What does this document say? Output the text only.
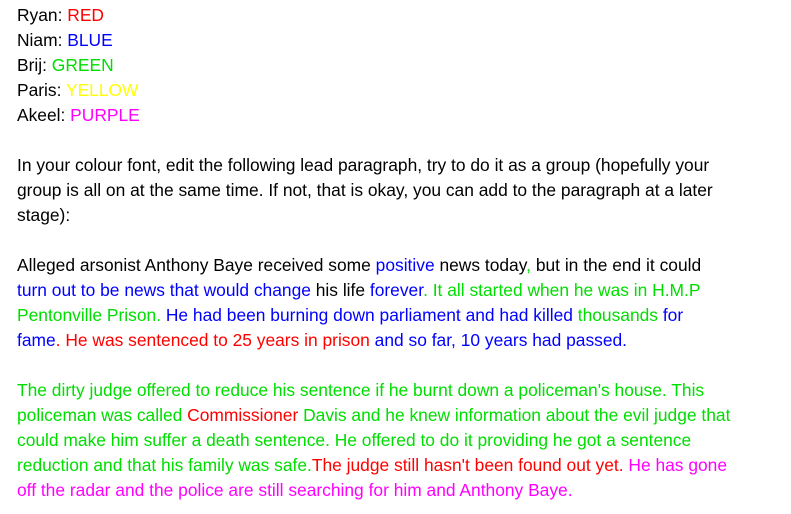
Ryan: RED
Niam: BLUE
Brij: GREEN
Paris: YELLOW
Akeel: PURPLE
In your colour font, edit the following lead paragraph, try to do it as a group (hopefully your
group is all on at the same time. If not, that is okay, you can add to the paragraph at a later
stage):
Alleged arsonist Anthony Baye received some positive news today, but in the end it could
turn out to be news that would change his life forever. It all started when he was in H.M.P
Pentonville Prison. He had been burning down parliament and had killed thousands for
fame. He was sentenced to 25 years in prison and so far, 10 years had passed.
The dirty judge offered to reduce his sentence if he burnt down a policeman's house. This
policeman was called Commissioner Davis and he knew information about the evil judge that
could make him suffer a death sentence. He offered to do it providing he got a sentence
reduction and that his family was safe.The judge still hasn't been found out yet. He has gone
off the radar and the police are still searching for him and Anthony Baye.
